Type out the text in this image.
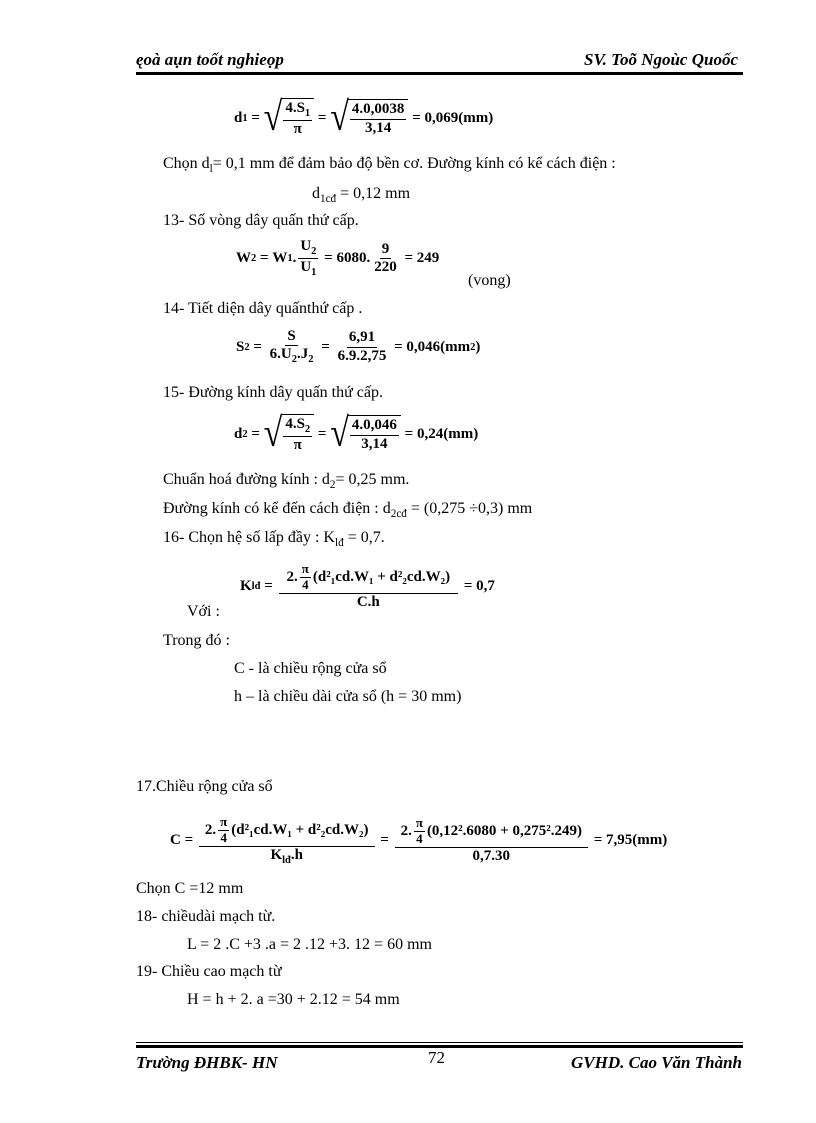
ęoà aụn toốt nghieọp	SV. Toõ Ngoùc Quoốc
d 1 = √ $\frac{4.S_1}{\pi}$ = √ $\frac{4.0,0038}{3,14} = 0,069(mm)$
Chọn $d_l= 0,1$ mm để đảm bảo độ bền cơ. Đường kính có kể cách điện :
$d_{1cđ} = 0,12$ mm
13- Số vòng dây quấn thứ cấp.
W 2 = W 1 . $\frac{U_2}{U_1} = 6080$. $\frac{9}{220} = 249$
(vong)
14- Tiết diện dây quấnthứ cấp .
S $2 = \frac{S}{6.U_2.J_2} = \frac{6,91}{6.9.2,75} = 0,046(mm$ 2 )
15- Đường kính dây quấn thứ cấp.
d 2 = √ $\frac{4.S_2}{\pi}$ = √ $\frac{4.0,046}{3,14} = 0,24(mm)$
Chuẩn hoá đường kính : $d_2= 0,25$ mm.
Đường kính có kể đến cách điện : $d_{2cđ} = (0,275 \div 0,3)$ mm
16- Chọn hệ số lấp đầy : $K_{lđ} = 0,7$.
Với :
K lđ = $\frac{2. \frac{\pi}{4} (d^2_1cd.W_1 + d^2_2cd.W_2)}{C.h}$
= 0,7
Trong đó :
C - là chiều rộng cửa sổ
h – là chiều dài cửa sổ (h = 30 mm)
17.Chiều rộng cửa sổ
$C = \frac{2. \frac{\pi}{4} (d^2_1cd.W_1 + d^2_2cd.W_2)}{K_{lđ}.h} = \frac{2. \frac{\pi}{4} (0,12^2.6080 + 0,275^2.249)}{0,7.30}$
= 7,95(mm)
Chọn C =12 mm
18- chiềudài mạch từ.
L = 2 .C +3 .a = 2 .12 +3. 12 = 60 mm
19- Chiều cao mạch từ
H = h + 2. a =30 + 2.12 = 54 mm
Trường ĐHBK- HN	72	GVHD. Cao Văn Thành
